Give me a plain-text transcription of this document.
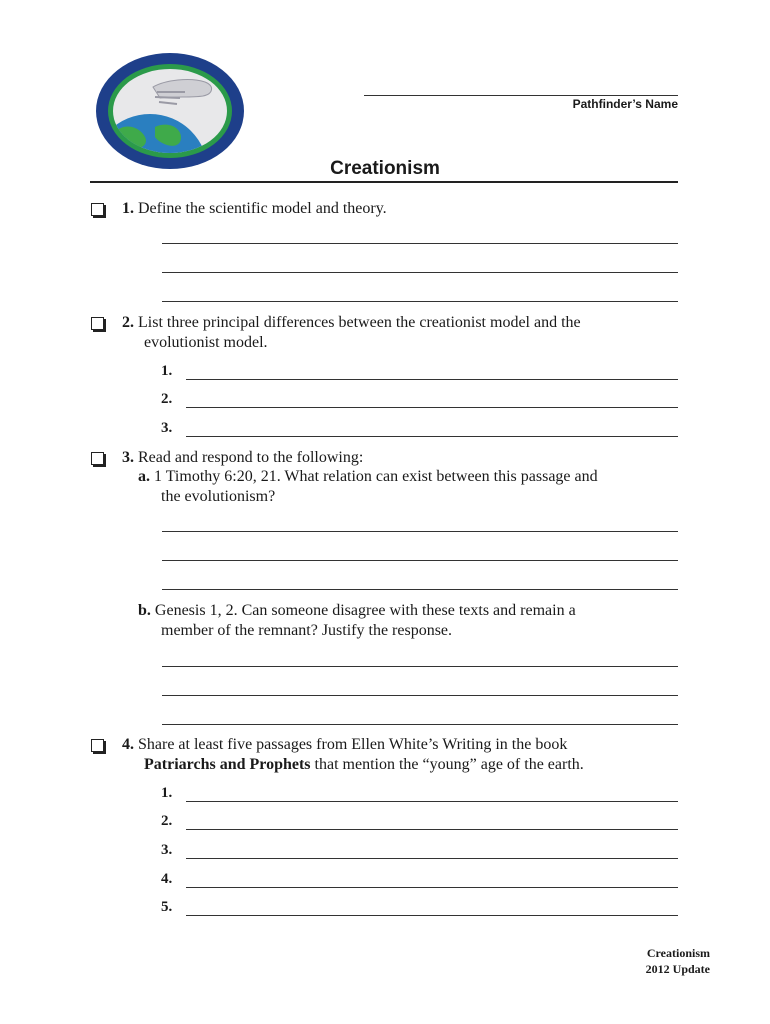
Pathfinder’s Name
Creationism
1. Define the scientific model and theory.
2. List three principal differences between the creationist model and the
evolutionist model.
1.
2.
3.
3. Read and respond to the following:
a. 1 Timothy 6:20, 21. What relation can exist between this passage and
the evolutionism?
b. Genesis 1, 2. Can someone disagree with these texts and remain a
member of the remnant? Justify the response.
4. Share at least five passages from Ellen White’s Writing in the book
Patriarchs and Prophets that mention the “young” age of the earth.
1.
2.
3.
4.
5.
Creationism
2012 Update
